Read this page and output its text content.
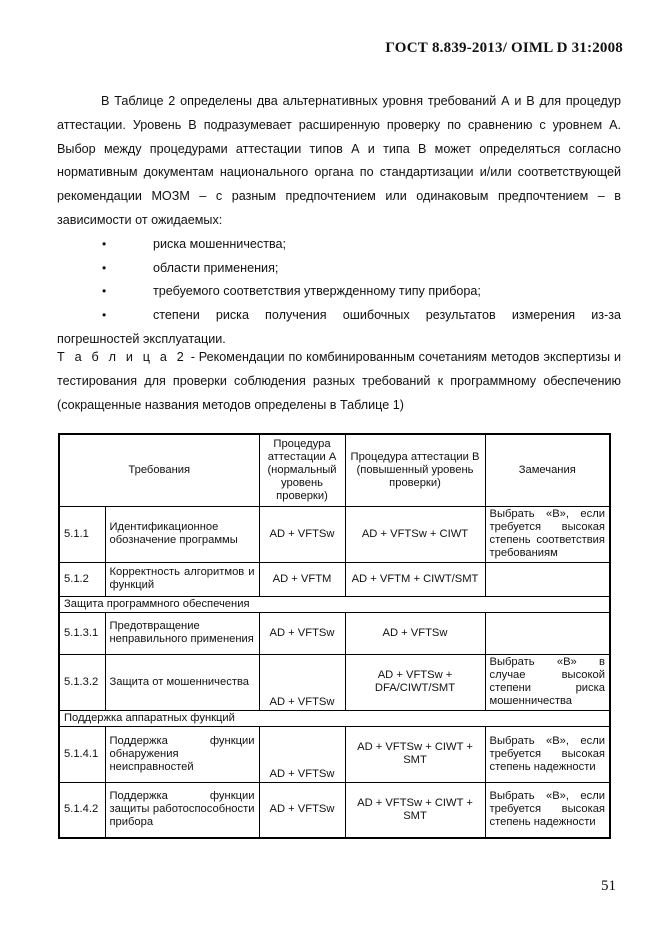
ГОСТ 8.839-2013/ OIML D 31:2008

В Таблице 2 определены два альтернативных уровня требований А и В для процедур аттестации. Уровень В подразумевает расширенную проверку по сравнению с уровнем А. Выбор между процедурами аттестации типов А и типа В может определяться согласно нормативным документам национального органа по стандартизации и/или соответствующей рекомендации МОЗМ – с разным предпочтением или одинаковым предпочтением – в зависимости от ожидаемых:

•	риска мошенничества;
•	области применения;
•	требуемого соответствия утвержденному типу прибора;
•	степени риска получения ошибочных результатов измерения из-за погрешностей эксплуатации.

Т а б л и ц а 2 - Рекомендации по комбинированным сочетаниям методов экспертизы и тестирования для проверки соблюдения разных требований к программному обеспечению (сокращенные названия методов определены в Таблице 1)

Требования		Процедура аттестации А (нормальный уровень проверки)	Процедура аттестации В (повышенный уровень проверки)	Замечания
5.1.1	Идентификационное обозначение программы	AD + VFTSw	AD + VFTSw + CIWT	Выбрать «В», если требуется высокая степень соответствия требованиям
5.1.2	Корректность алгоритмов и функций	AD + VFTM	AD + VFTM + CIWT/SMT	
Защита программного обеспечения				
5.1.3.1	Предотвращение неправильного применения	AD + VFTSw	AD + VFTSw	
5.1.3.2	Защита от мошенничества	AD + VFTSw	AD + VFTSw + DFA/CIWT/SMT	Выбрать «В» в случае высокой степени риска мошенничества
Поддержка аппаратных функций				
5.1.4.1	Поддержка функции обнаружения неисправностей	AD + VFTSw	AD + VFTSw + CIWT + SMT	Выбрать «В», если требуется высокая степень надежности
5.1.4.2	Поддержка функции защиты работоспособности прибора	AD + VFTSw	AD + VFTSw + CIWT + SMT	Выбрать «В», если требуется высокая степень надежности
51
